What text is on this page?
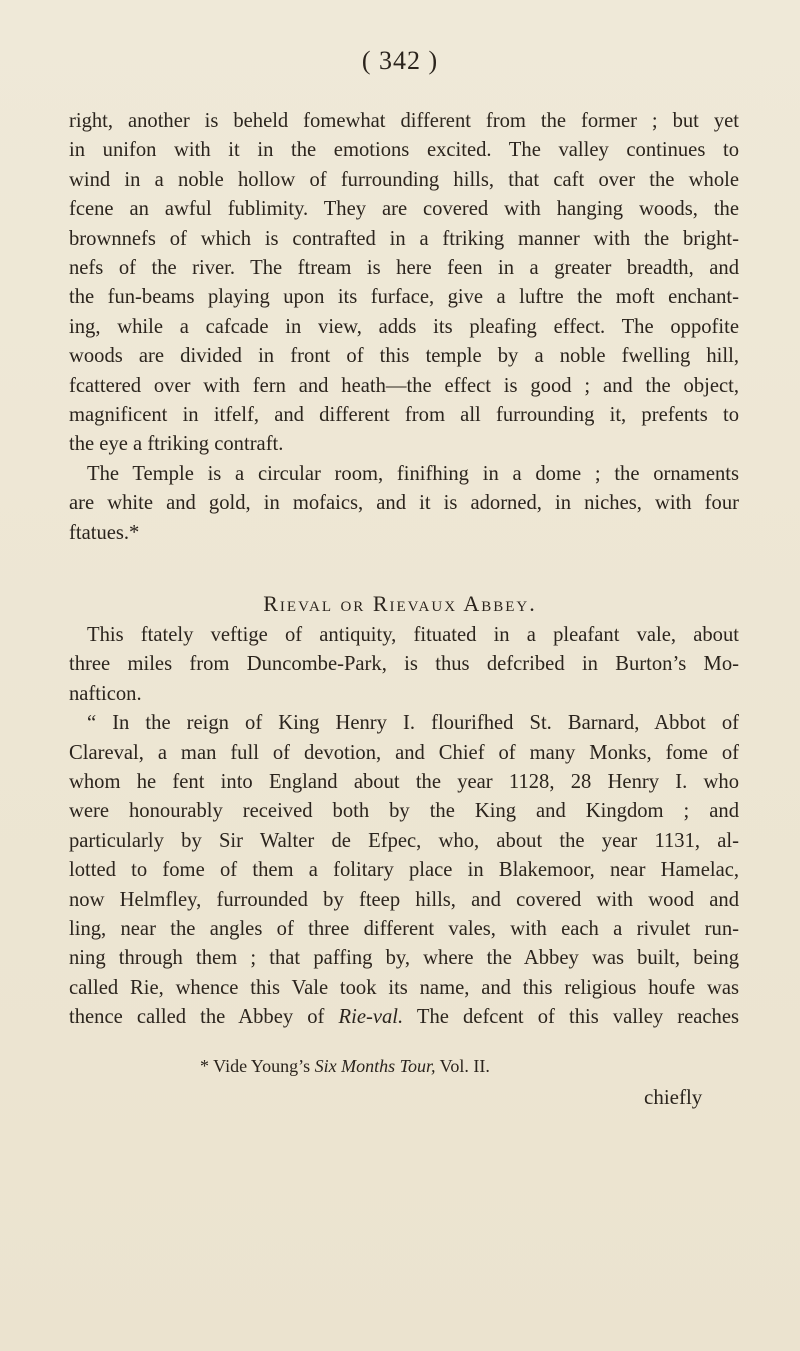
( 342 )
right, another is beheld fomewhat different from the former ; but yet
in unifon with it in the emotions excited. The valley continues to
wind in a noble hollow of furrounding hills, that caft over the whole
fcene an awful fublimity. They are covered with hanging woods, the
brownnefs of which is contrafted in a ftriking manner with the bright-
nefs of the river. The ftream is here feen in a greater breadth, and
the fun-beams playing upon its furface, give a luftre the moft enchant-
ing, while a cafcade in view, adds its pleafing effect. The oppofite
woods are divided in front of this temple by a noble fwelling hill,
fcattered over with fern and heath—the effect is good ; and the object,
magnificent in itfelf, and different from all furrounding it, prefents to
the eye a ftriking contraft.
The Temple is a circular room, finifhing in a dome ; the ornaments
are white and gold, in mofaics, and it is adorned, in niches, with four
ftatues.*
Rieval or Rievaux Abbey.
This ftately veftige of antiquity, fituated in a pleafant vale, about
three miles from Duncombe-Park, is thus defcribed in Burton’s Mo-
nafticon.
“ In the reign of King Henry I. flourifhed St. Barnard, Abbot of
Clareval, a man full of devotion, and Chief of many Monks, fome of
whom he fent into England about the year 1128, 28 Henry I. who
were honourably received both by the King and Kingdom ; and
particularly by Sir Walter de Efpec, who, about the year 1131, al-
lotted to fome of them a folitary place in Blakemoor, near Hamelac,
now Helmfley, furrounded by fteep hills, and covered with wood and
ling, near the angles of three different vales, with each a rivulet run-
ning through them ; that paffing by, where the Abbey was built, being
called Rie, whence this Vale took its name, and this religious houfe was
thence called the Abbey of Rie-val. The defcent of this valley reaches
* Vide Young’s Six Months Tour, Vol. II.
chiefly
